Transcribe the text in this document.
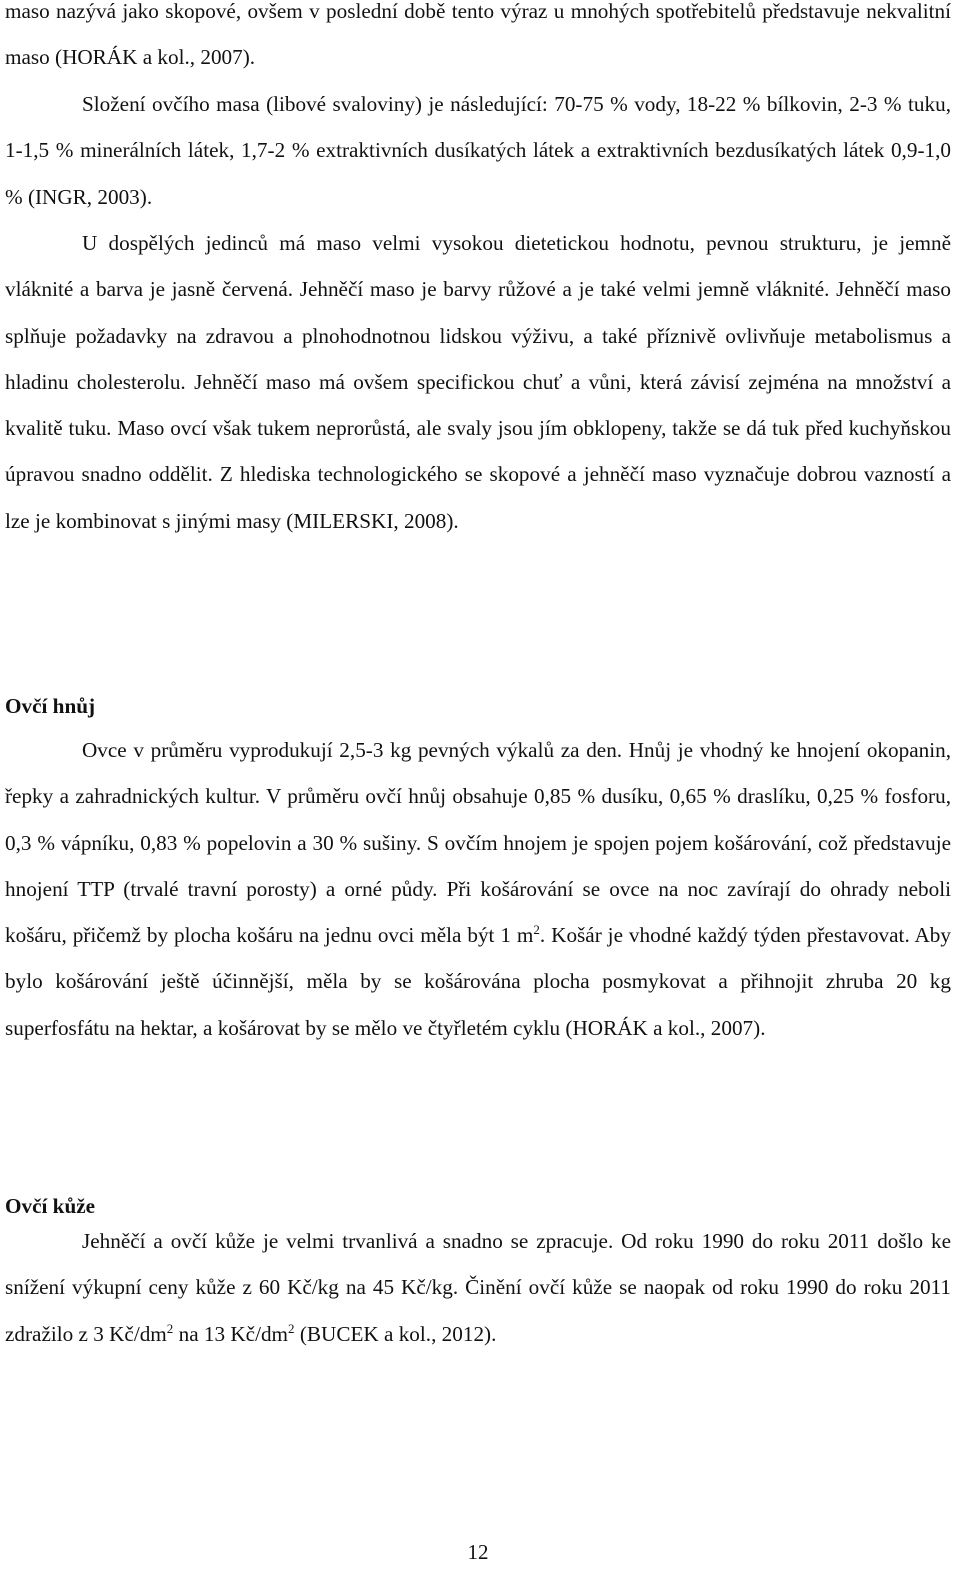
maso nazývá jako skopové, ovšem v poslední době tento výraz u mnohých spotřebitelů představuje nekvalitní maso (HORÁK a kol., 2007).

Složení ovčího masa (libové svaloviny) je následující: 70-75 % vody, 18-22 % bílkovin, 2-3 % tuku, 1-1,5 % minerálních látek, 1,7-2 % extraktivních dusíkatých látek a extraktivních bezdusíkatých látek 0,9-1,0 % (INGR, 2003).

U dospělých jedinců má maso velmi vysokou dietetickou hodnotu, pevnou strukturu, je jemně vláknité a barva je jasně červená. Jehněčí maso je barvy růžové a je také velmi jemně vláknité. Jehněčí maso splňuje požadavky na zdravou a plnohodnotnou lidskou výživu, a také příznivě ovlivňuje metabolismus a hladinu cholesterolu. Jehněčí maso má ovšem specifickou chuť a vůni, která závisí zejména na množství a kvalitě tuku. Maso ovcí však tukem neprorůstá, ale svaly jsou jím obklopeny, takže se dá tuk před kuchyňskou úpravou snadno oddělit. Z hlediska technologického se skopové a jehněčí maso vyznačuje dobrou vazností a lze je kombinovat s jinými masy (MILERSKI, 2008).

Ovčí hnůj

Ovce v průměru vyprodukují 2,5-3 kg pevných výkalů za den. Hnůj je vhodný ke hnojení okopanin, řepky a zahradnických kultur. V průměru ovčí hnůj obsahuje 0,85 % dusíku, 0,65 % draslíku, 0,25 % fosforu, 0,3 % vápníku, 0,83 % popelovin a 30 % sušiny. S ovčím hnojem je spojen pojem košárování, což představuje hnojení TTP (trvalé travní porosty) a orné půdy. Při košárování se ovce na noc zavírají do ohrady neboli košáru, přičemž by plocha košáru na jednu ovci měla být 1 $m^2$. Košár je vhodné každý týden přestavovat. Aby bylo košárování ještě účinnější, měla by se košárována plocha posmykovat a přihnojit zhruba 20 kg superfosfátu na hektar, a košárovat by se mělo ve čtyřletém cyklu (HORÁK a kol., 2007).

Ovčí kůže

Jehněčí a ovčí kůže je velmi trvanlivá a snadno se zpracuje. Od roku 1990 do roku 2011 došlo ke snížení výkupní ceny kůže z 60 Kč/kg na 45 Kč/kg. Činění ovčí kůže se naopak od roku 1990 do roku 2011 zdražilo z 3 $Kč/dm^2$ na 13 $Kč/dm^2$ (BUCEK a kol., 2012).

12
